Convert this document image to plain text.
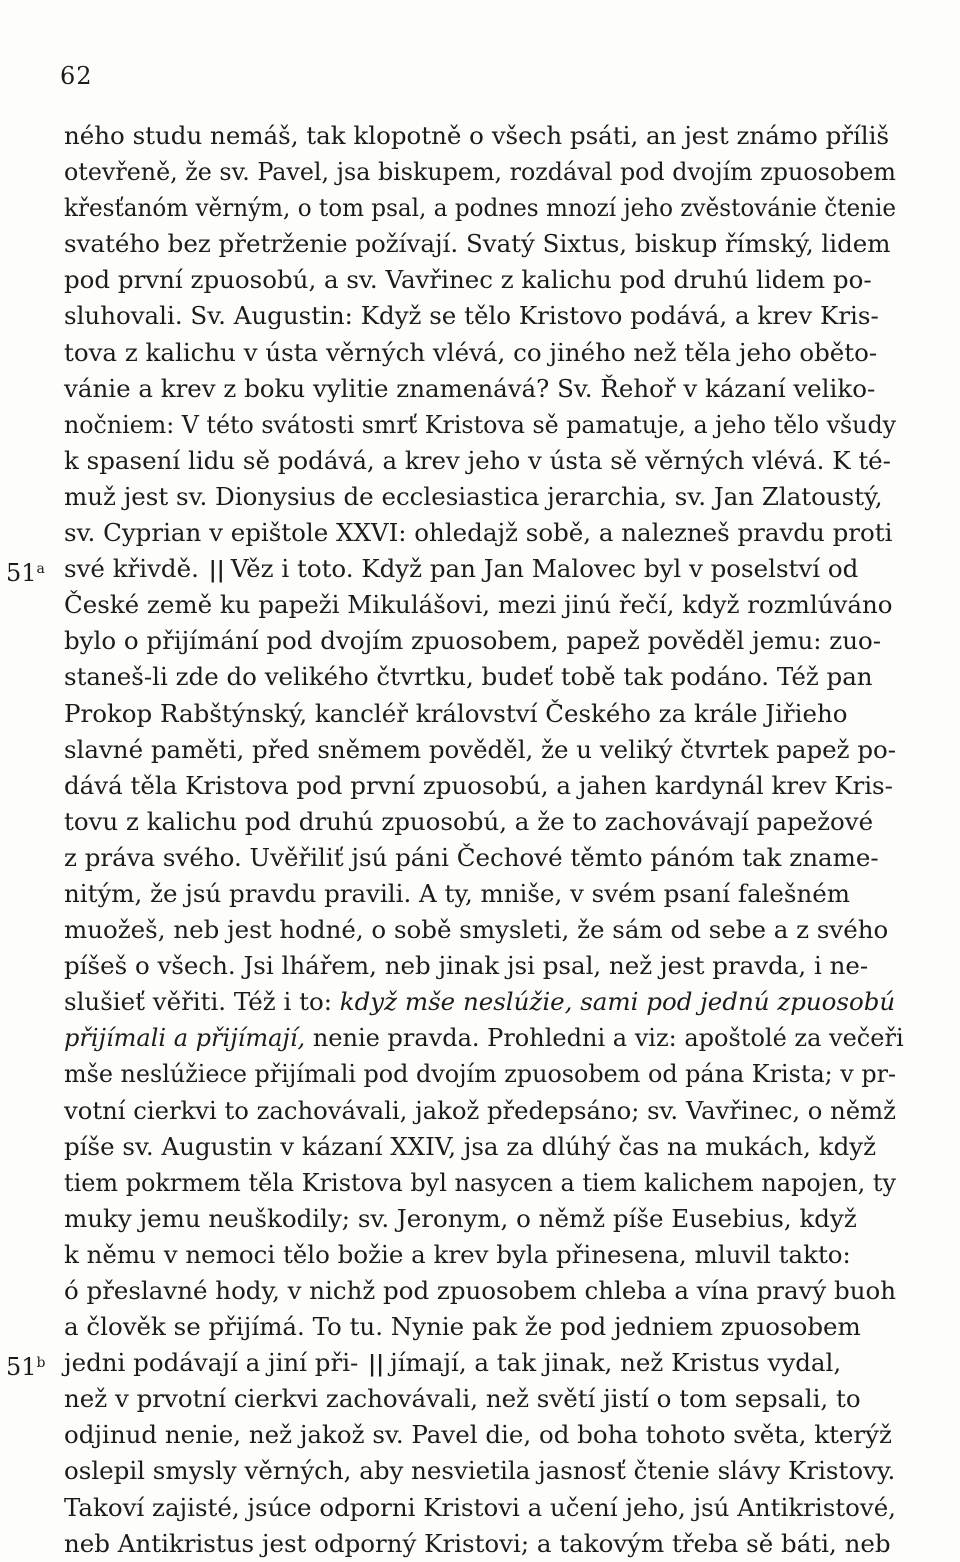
62
ného studu nemáš, tak klopotně o všech psáti, an jest známo příliš
otevřeně, že sv. Pavel, jsa biskupem, rozdával pod dvojím zpuosobem
křesťanóm věrným, o tom psal, a podnes mnozí jeho zvěstovánie čtenie
svatého bez přetrženie požívají. Svatý Sixtus, biskup římský, lidem
pod první zpuosobú, a sv. Vavřinec z kalichu pod druhú lidem po-
sluhovali. Sv. Augustin: Když se tělo Kristovo podává, a krev Kris-
tova z kalichu v ústa věrných vlévá, co jiného než těla jeho oběto-
vánie a krev z boku vylitie znamenává? Sv. Řehoř v kázaní veliko-
nočniem: V této svátosti smrť Kristova sě pamatuje, a jeho tělo všudy
k spasení lidu sě podává, a krev jeho v ústa sě věrných vlévá. K té-
muž jest sv. Dionysius de ecclesiastica jerarchia, sv. Jan Zlatoustý,
sv. Cyprian v epištole XXVI: ohledajž sobě, a nalezneš pravdu proti
51$^a$ své křivdě. || Věz i toto. Když pan Jan Malovec byl v poselství od
České země ku papeži Mikulášovi, mezi jinú řečí, když rozmlúváno
bylo o přijímání pod dvojím zpuosobem, papež pověděl jemu: zuo-
staneš-li zde do velikého čtvrtku, budeť tobě tak podáno. Též pan
Prokop Rabštýnský, kancléř království Českého za krále Jiřieho
slavné paměti, před sněmem pověděl, že u veliký čtvrtek papež po-
dává těla Kristova pod první zpuosobú, a jahen kardynál krev Kris-
tovu z kalichu pod druhú zpuosobú, a že to zachovávají papežové
z práva svého. Uvěřiliť jsú páni Čechové těmto pánóm tak zname-
nitým, že jsú pravdu pravili. A ty, mniše, v svém psaní falešném
muožeš, neb jest hodné, o sobě smysleti, že sám od sebe a z svého
píšeš o všech. Jsi lhářem, neb jinak jsi psal, než jest pravda, i ne-
slušieť věřiti. Též i to: když mše neslúžie, sami pod jednú zpuosobú
přijímali a přijímají, nenie pravda. Prohledni a viz: apoštolé za večeři
mše neslúžiece přijímali pod dvojím zpuosobem od pána Krista; v pr-
votní cierkvi to zachovávali, jakož předepsáno; sv. Vavřinec, o němž
píše sv. Augustin v kázaní XXIV, jsa za dlúhý čas na mukách, když
tiem pokrmem těla Kristova byl nasycen a tiem kalichem napojen, ty
muky jemu neuškodily; sv. Jeronym, o němž píše Eusebius, když
k němu v nemoci tělo božie a krev byla přinesena, mluvil takto:
ó přeslavné hody, v nichž pod zpuosobem chleba a vína pravý buoh
a člověk se přijímá. To tu. Nynie pak že pod jedniem zpuosobem
51$^b$ jedni podávají a jiní při- || jímají, a tak jinak, než Kristus vydal,
než v prvotní cierkvi zachovávali, než světí jistí o tom sepsali, to
odjinud nenie, než jakož sv. Pavel die, od boha tohoto světa, kterýž
oslepil smysly věrných, aby nesvietila jasnosť čtenie slávy Kristovy.
Takoví zajisté, jsúce odporni Kristovi a učení jeho, jsú Antikristové,
neb Antikristus jest odporný Kristovi; a takovým třeba sě báti, neb
